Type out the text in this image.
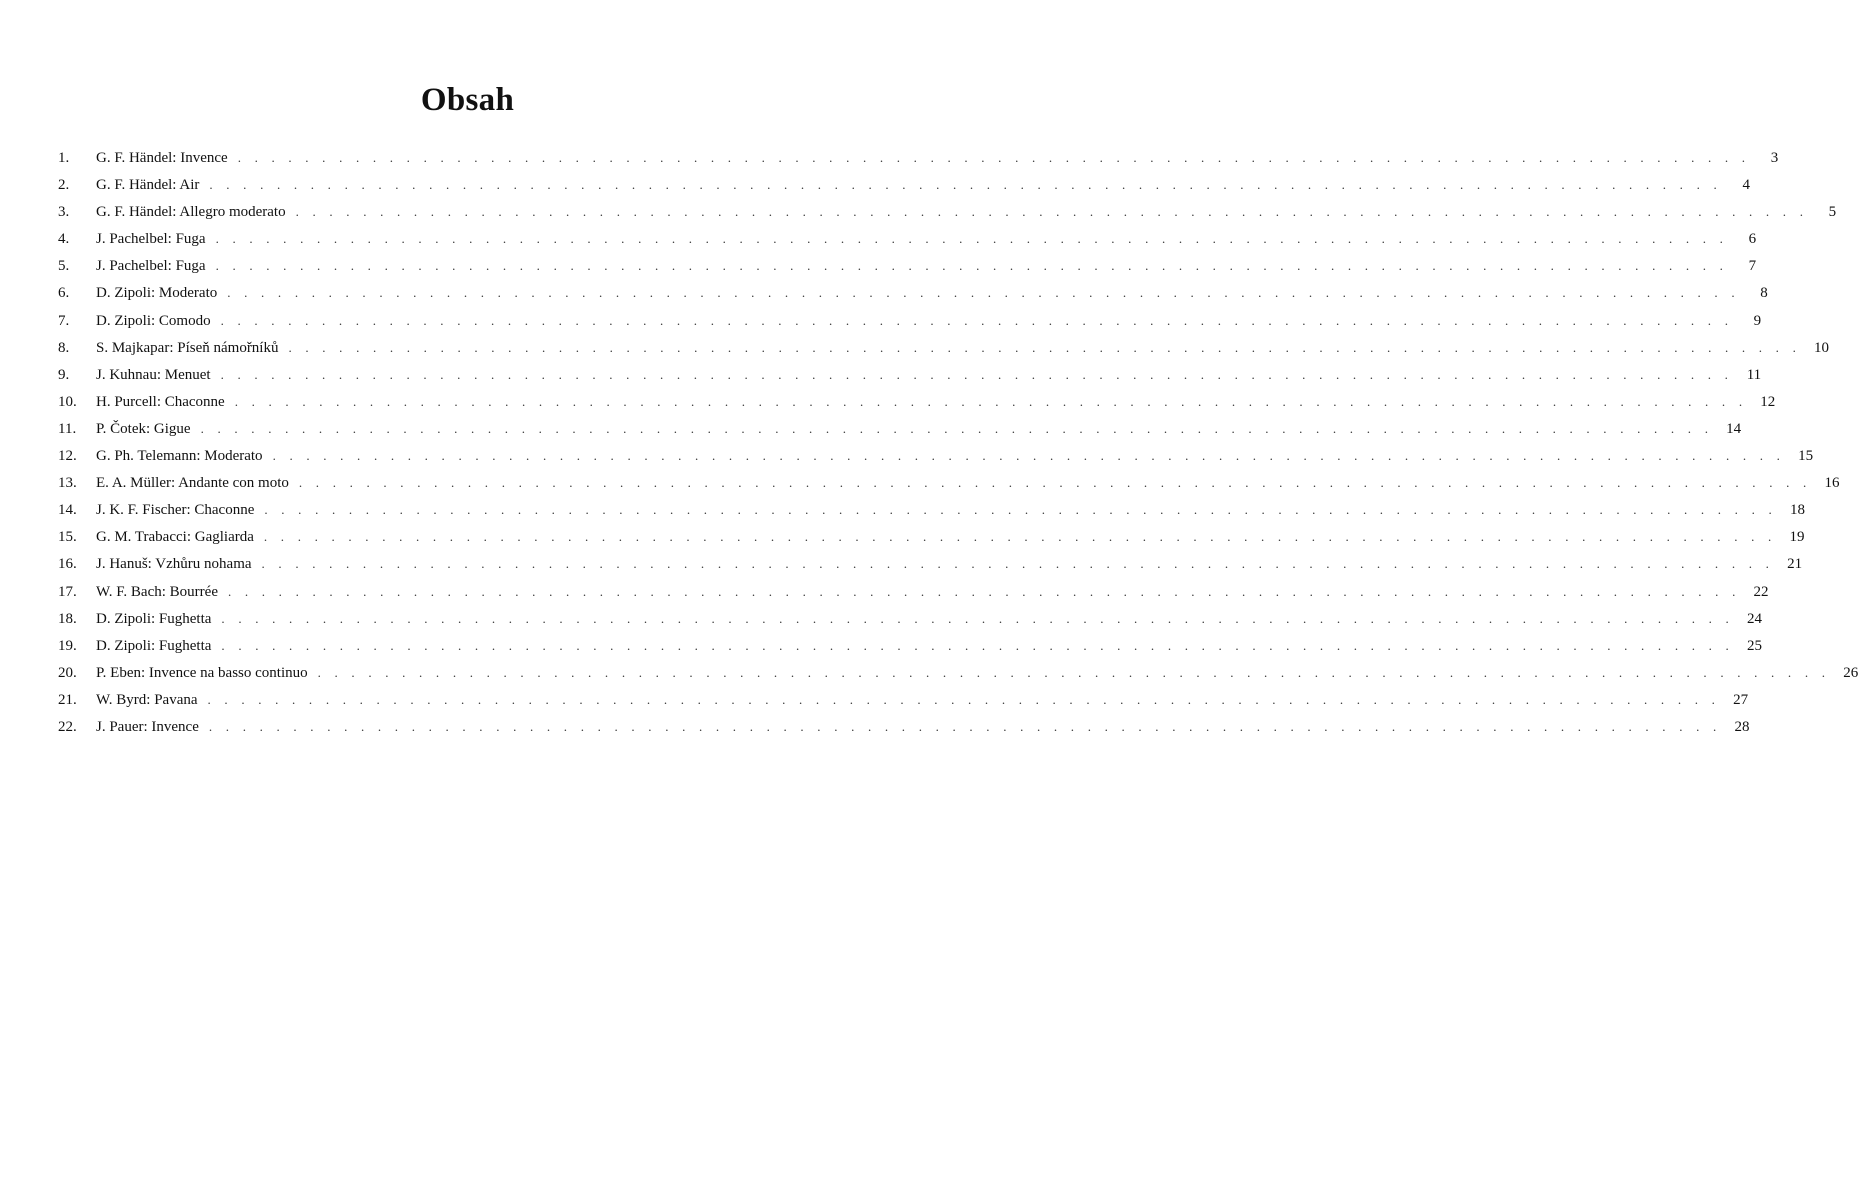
Obsah
1.	G. F. Händel: Invence . . . . . . . . . . . . . . . . . . . . . . . . . . . . . . . . . . . . . . . . . . . . . . . . . . . . . . . . . . . . . . . . . . . . . . . . . . . . . . . . . . . . . . . . . .	3
2.	G. F. Händel: Air . . . . . . . . . . . . . . . . . . . . . . . . . . . . . . . . . . . . . . . . . . . . . . . . . . . . . . . . . . . . . . . . . . . . . . . . . . . . . . . . . . . . . . . . . .	4
3.	G. F. Händel: Allegro moderato . . . . . . . . . . . . . . . . . . . . . . . . . . . . . . . . . . . . . . . . . . . . . . . . . . . . . . . . . . . . . . . . . . . . . . . . . . . . . . . . . . . . . . . . . .	5
4.	J. Pachelbel: Fuga . . . . . . . . . . . . . . . . . . . . . . . . . . . . . . . . . . . . . . . . . . . . . . . . . . . . . . . . . . . . . . . . . . . . . . . . . . . . . . . . . . . . . . . . . .	6
5.	J. Pachelbel: Fuga . . . . . . . . . . . . . . . . . . . . . . . . . . . . . . . . . . . . . . . . . . . . . . . . . . . . . . . . . . . . . . . . . . . . . . . . . . . . . . . . . . . . . . . . . .	7
6.	D. Zipoli: Moderato . . . . . . . . . . . . . . . . . . . . . . . . . . . . . . . . . . . . . . . . . . . . . . . . . . . . . . . . . . . . . . . . . . . . . . . . . . . . . . . . . . . . . . . . . .	8
7.	D. Zipoli: Comodo . . . . . . . . . . . . . . . . . . . . . . . . . . . . . . . . . . . . . . . . . . . . . . . . . . . . . . . . . . . . . . . . . . . . . . . . . . . . . . . . . . . . . . . . . .	9
8.	S. Majkapar: Píseň námořníků . . . . . . . . . . . . . . . . . . . . . . . . . . . . . . . . . . . . . . . . . . . . . . . . . . . . . . . . . . . . . . . . . . . . . . . . . . . . . . . . . . . . . . . . . . 10
9.	J. Kuhnau: Menuet . . . . . . . . . . . . . . . . . . . . . . . . . . . . . . . . . . . . . . . . . . . . . . . . . . . . . . . . . . . . . . . . . . . . . . . . . . . . . . . . . . . . . . . . . . 11
10.	H. Purcell: Chaconne . . . . . . . . . . . . . . . . . . . . . . . . . . . . . . . . . . . . . . . . . . . . . . . . . . . . . . . . . . . . . . . . . . . . . . . . . . . . . . . . . . . . . . . . . . 12
11.	P. Čotek: Gigue . . . . . . . . . . . . . . . . . . . . . . . . . . . . . . . . . . . . . . . . . . . . . . . . . . . . . . . . . . . . . . . . . . . . . . . . . . . . . . . . . . . . . . . . . . 14
12.	G. Ph. Telemann: Moderato . . . . . . . . . . . . . . . . . . . . . . . . . . . . . . . . . . . . . . . . . . . . . . . . . . . . . . . . . . . . . . . . . . . . . . . . . . . . . . . . . . . . . . . . . . 15
13.	E. A. Müller: Andante con moto . . . . . . . . . . . . . . . . . . . . . . . . . . . . . . . . . . . . . . . . . . . . . . . . . . . . . . . . . . . . . . . . . . . . . . . . . . . . . . . . . . . . . . . . . . 16
14.	J. K. F. Fischer: Chaconne . . . . . . . . . . . . . . . . . . . . . . . . . . . . . . . . . . . . . . . . . . . . . . . . . . . . . . . . . . . . . . . . . . . . . . . . . . . . . . . . . . . . . . . . . . 18
15.	G. M. Trabacci: Gagliarda . . . . . . . . . . . . . . . . . . . . . . . . . . . . . . . . . . . . . . . . . . . . . . . . . . . . . . . . . . . . . . . . . . . . . . . . . . . . . . . . . . . . . . . . . . 19
16.	J. Hanuš: Vzhůru nohama . . . . . . . . . . . . . . . . . . . . . . . . . . . . . . . . . . . . . . . . . . . . . . . . . . . . . . . . . . . . . . . . . . . . . . . . . . . . . . . . . . . . . . . . . . 21
17.	W. F. Bach: Bourrée . . . . . . . . . . . . . . . . . . . . . . . . . . . . . . . . . . . . . . . . . . . . . . . . . . . . . . . . . . . . . . . . . . . . . . . . . . . . . . . . . . . . . . . . . . 22
18.	D. Zipoli: Fughetta . . . . . . . . . . . . . . . . . . . . . . . . . . . . . . . . . . . . . . . . . . . . . . . . . . . . . . . . . . . . . . . . . . . . . . . . . . . . . . . . . . . . . . . . . . 24
19.	D. Zipoli: Fughetta . . . . . . . . . . . . . . . . . . . . . . . . . . . . . . . . . . . . . . . . . . . . . . . . . . . . . . . . . . . . . . . . . . . . . . . . . . . . . . . . . . . . . . . . . . 25
20.	P. Eben: Invence na basso continuo . . . . . . . . . . . . . . . . . . . . . . . . . . . . . . . . . . . . . . . . . . . . . . . . . . . . . . . . . . . . . . . . . . . . . . . . . . . . . . . . . . . . . . . . . . 26
21.	W. Byrd: Pavana . . . . . . . . . . . . . . . . . . . . . . . . . . . . . . . . . . . . . . . . . . . . . . . . . . . . . . . . . . . . . . . . . . . . . . . . . . . . . . . . . . . . . . . . . . 27
22.	J. Pauer: Invence . . . . . . . . . . . . . . . . . . . . . . . . . . . . . . . . . . . . . . . . . . . . . . . . . . . . . . . . . . . . . . . . . . . . . . . . . . . . . . . . . . . . . . . . . . 28
